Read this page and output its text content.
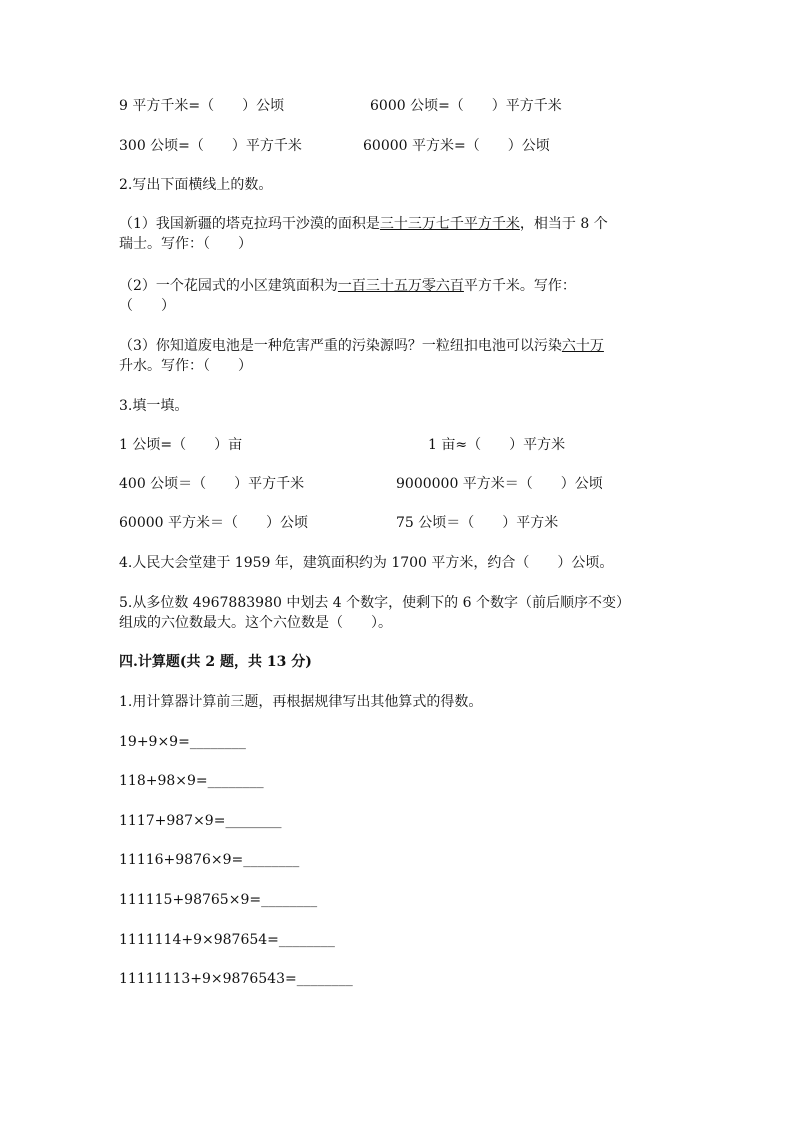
9 平方千米=（　　）公顷	6000 公顷=（　　）平方千米
300 公顷=（　　）平方千米	60000 平方米=（　　）公顷
2.写出下面横线上的数。
（1）我国新疆的塔克拉玛干沙漠的面积是三十三万七千平方千米，相当于 8 个
瑞士。写作：（　　）
（2）一个花园式的小区建筑面积为一百三十五万零六百平方千米。写作：
（　　）
（3）你知道废电池是一种危害严重的污染源吗？一粒纽扣电池可以污染六十万
升水。写作：（　　）
3.填一填。
1 公顷=（　　）亩	1 亩≈（　　）平方米
400 公顷＝（　　）平方千米	9000000 平方米＝（　　）公顷
60000 平方米＝（　　）公顷	75 公顷＝（　　）平方米
4.人民大会堂建于 1959 年，建筑面积约为 1700 平方米，约合（　　）公顷。
5.从多位数 4967883980 中划去 4 个数字，使剩下的 6 个数字（前后顺序不变）
组成的六位数最大。这个六位数是（　　）。
四.计算题(共 2 题，共 13 分)
1.用计算器计算前三题，再根据规律写出其他算式的得数。
19+9×9=________
118+98×9=________
1117+987×9=________
11116+9876×9=________
111115+98765×9=________
1111114+9×987654=________
11111113+9×9876543=________
